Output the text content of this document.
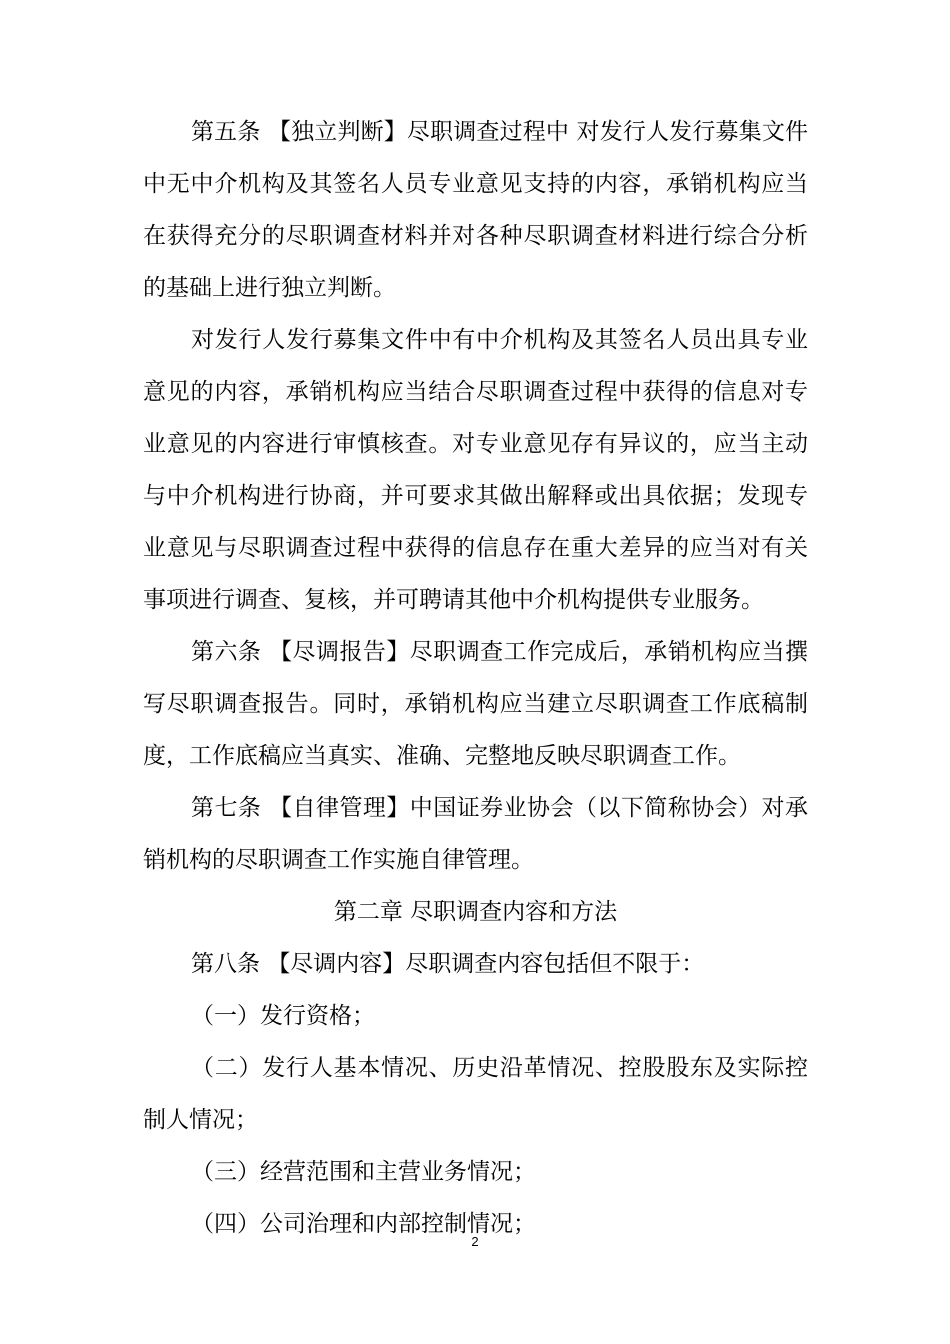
第五条 【独立判断】尽职调查过程中 对发行人发行募集文件中无中介机构及其签名人员专业意见支持的内容，承销机构应当在获得充分的尽职调查材料并对各种尽职调查材料进行综合分析的基础上进行独立判断。

对发行人发行募集文件中有中介机构及其签名人员出具专业意见的内容，承销机构应当结合尽职调查过程中获得的信息对专业意见的内容进行审慎核查。对专业意见存有异议的，应当主动与中介机构进行协商，并可要求其做出解释或出具依据；发现专业意见与尽职调查过程中获得的信息存在重大差异的应当对有关事项进行调查、复核，并可聘请其他中介机构提供专业服务。

第六条 【尽调报告】尽职调查工作完成后，承销机构应当撰写尽职调查报告。同时，承销机构应当建立尽职调查工作底稿制度，工作底稿应当真实、准确、完整地反映尽职调查工作。

第七条 【自律管理】中国证券业协会（以下简称协会）对承销机构的尽职调查工作实施自律管理。

第二章 尽职调查内容和方法

第八条 【尽调内容】尽职调查内容包括但不限于：

（一）发行资格；

（二）发行人基本情况、历史沿革情况、控股股东及实际控制人情况；

（三）经营范围和主营业务情况；

（四）公司治理和内部控制情况；

2
